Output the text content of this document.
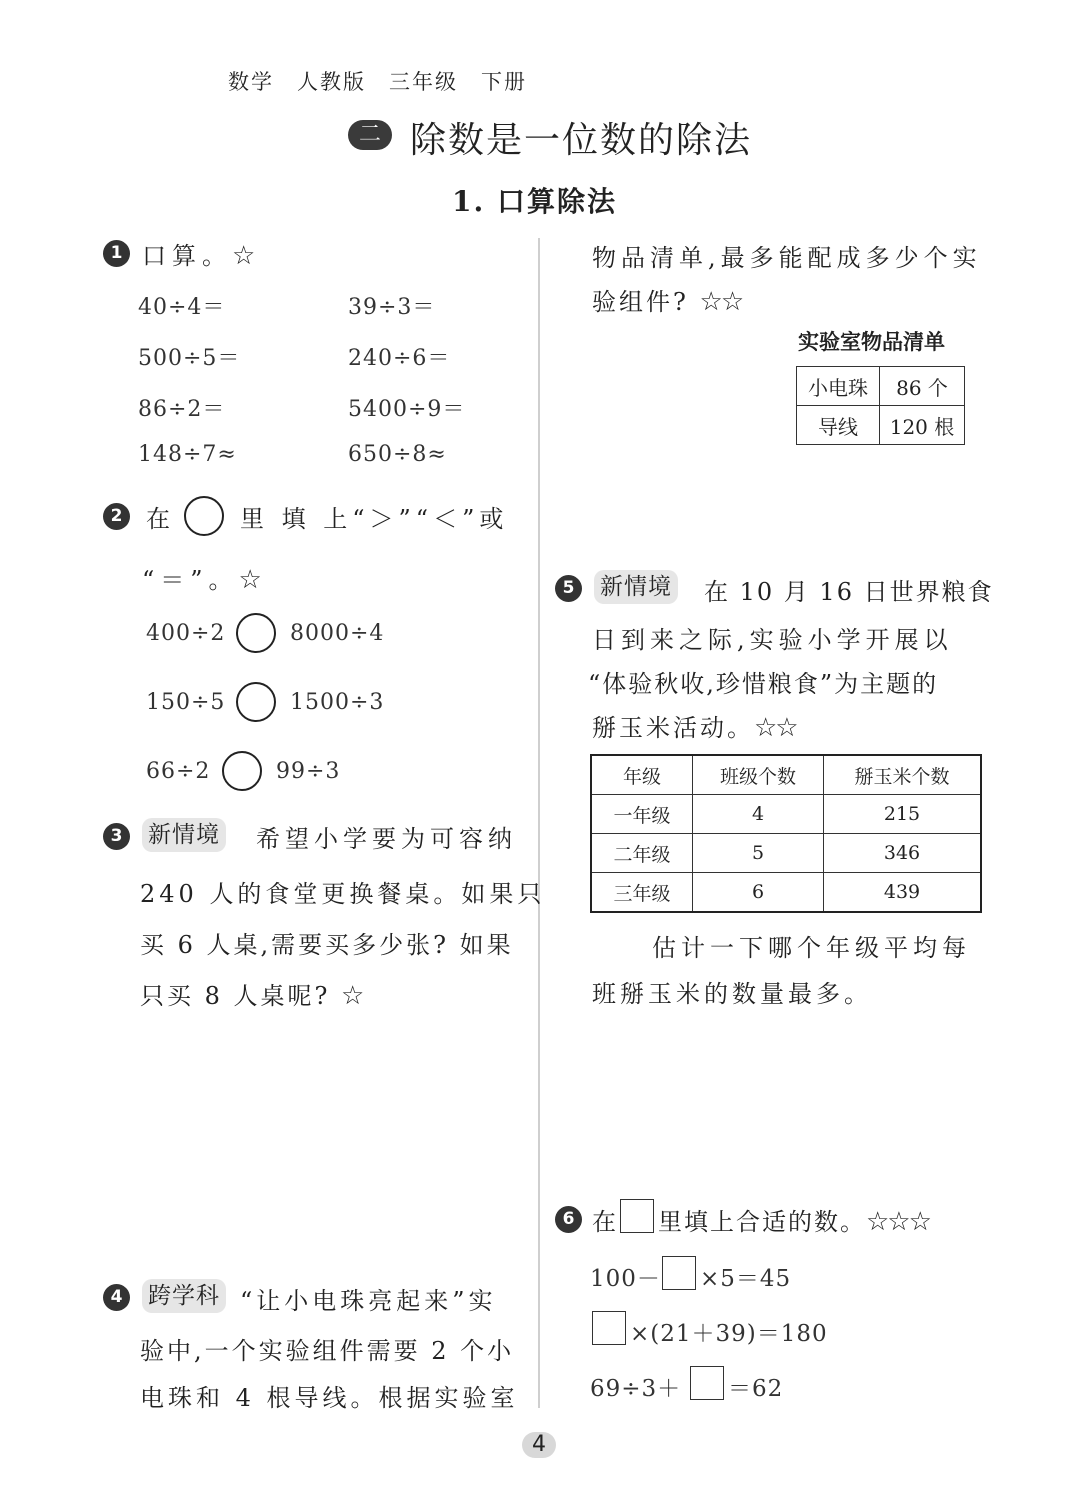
数学　人教版　三年级　下册
二 除数是一位数的除法
1. 口算除法
1 口算。☆
40÷4＝	39÷3＝
500÷5＝	240÷6＝
86÷2＝	5400÷9＝
148÷7≈	650÷8≈
2 在	里 填 上“＞”“＜”或
“＝”。☆
400÷2	8000÷4
150÷5	1500÷3
66÷2	99÷3
3	新情境 希望小学要为可容纳
240 人的食堂更换餐桌。如果只
买 6 人桌,需要买多少张? 如果
只买 8 人桌呢? ☆
4	跨学科 “让小电珠亮起来”实
验中,一个实验组件需要 2 个小
电珠和 4 根导线。根据实验室
物品清单,最多能配成多少个实
验组件? ☆☆
实验室物品清单
小电珠	86 个
导线	120 根
5	新情境 在 10 月 16 日世界粮食
日到来之际,实验小学开展以
“体验秋收,珍惜粮食”为主题的
掰玉米活动。☆☆
年级	班级个数	掰玉米个数
一年级	4	215
二年级	5	346
三年级	6	439
估计一下哪个年级平均每
班掰玉米的数量最多。
6 在 里填上合适的数。☆☆☆
100－ ×5＝45
×(21＋39)＝180
69÷3＋ ＝62
4
